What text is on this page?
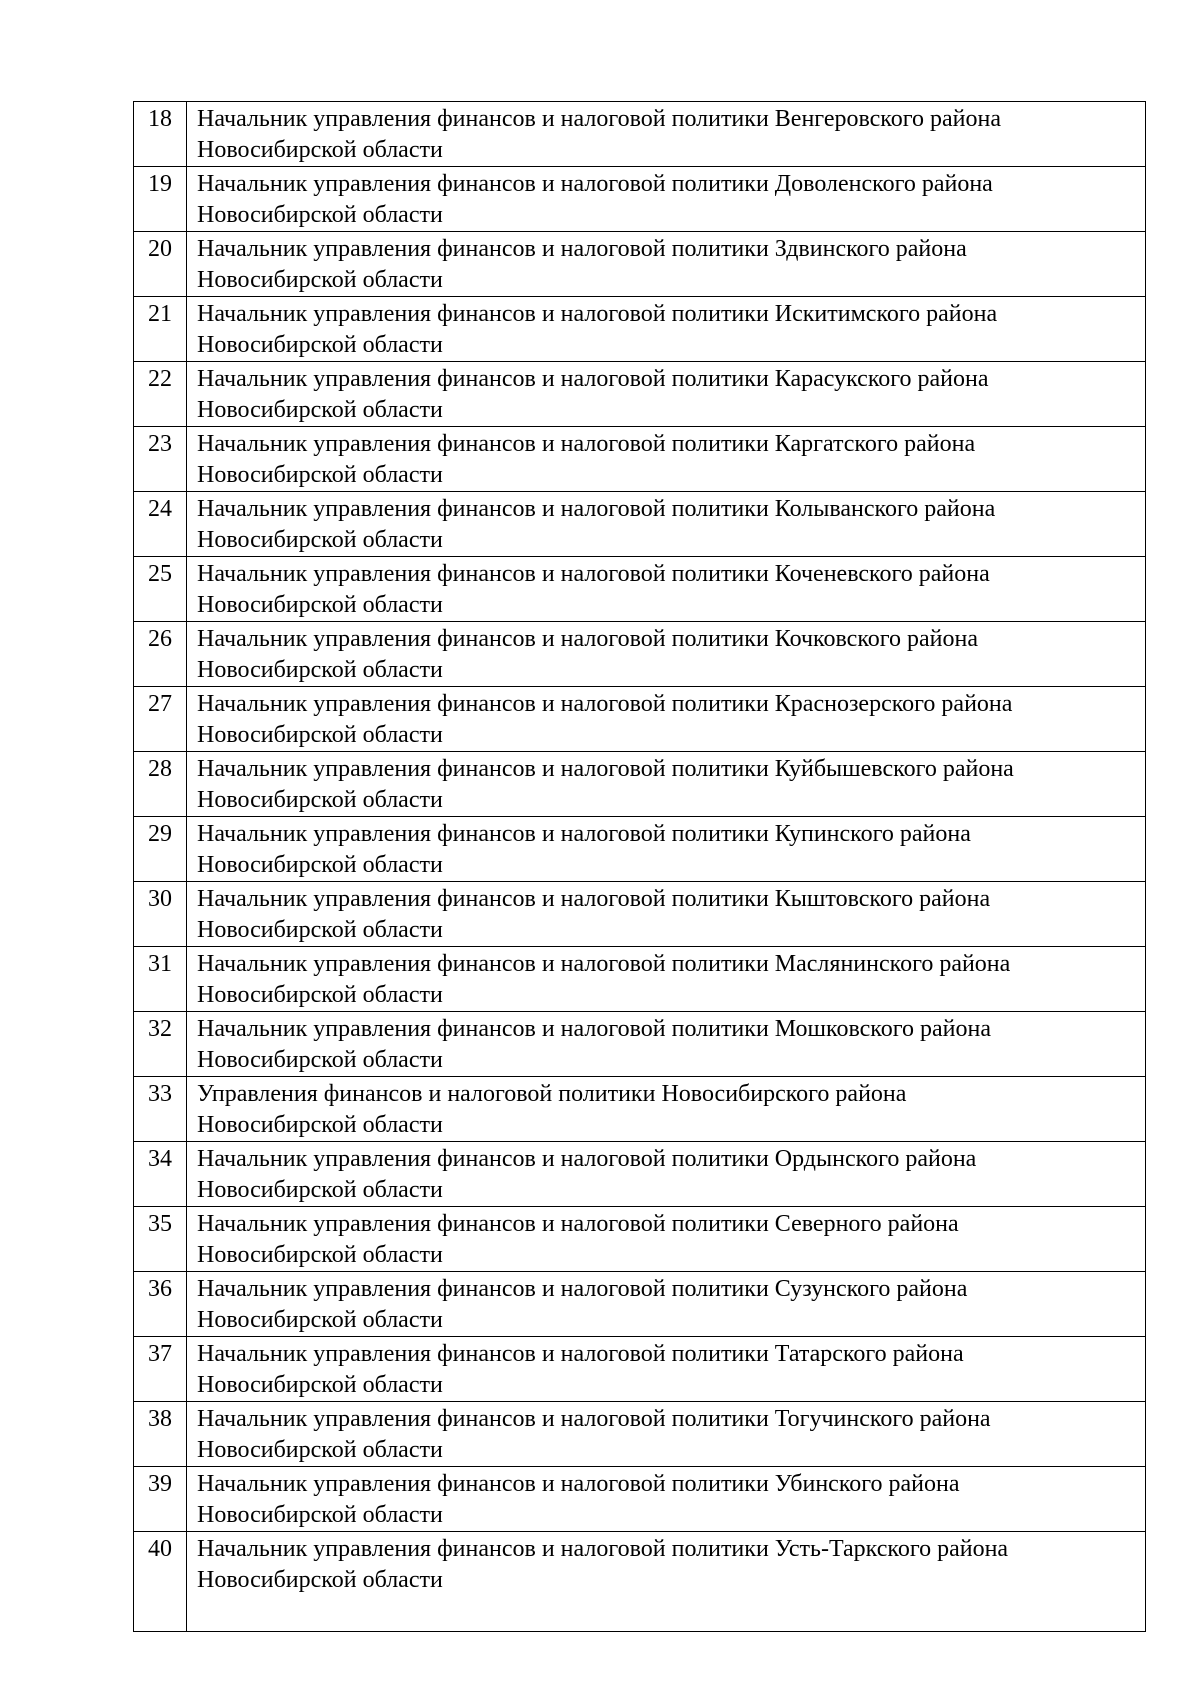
18	Начальник управления финансов и налоговой политики Венгеровского района
Новосибирской области

19	Начальник управления финансов и налоговой политики Доволенского района
Новосибирской области

20	Начальник управления финансов и налоговой политики Здвинского района
Новосибирской области

21	Начальник управления финансов и налоговой политики Искитимского района
Новосибирской области

22	Начальник управления финансов и налоговой политики Карасукского района
Новосибирской области

23	Начальник управления финансов и налоговой политики Каргатского района
Новосибирской области

24	Начальник управления финансов и налоговой политики Колыванского района
Новосибирской области

25	Начальник управления финансов и налоговой политики Коченевского района
Новосибирской области

26	Начальник управления финансов и налоговой политики Кочковского района
Новосибирской области

27	Начальник управления финансов и налоговой политики Краснозерского района
Новосибирской области

28	Начальник управления финансов и налоговой политики Куйбышевского района
Новосибирской области

29	Начальник управления финансов и налоговой политики Купинского района
Новосибирской области

30	Начальник управления финансов и налоговой политики Кыштовского района
Новосибирской области

31	Начальник управления финансов и налоговой политики Маслянинского района
Новосибирской области

32	Начальник управления финансов и налоговой политики Мошковского района
Новосибирской области

33	Управления финансов и налоговой политики Новосибирского района
Новосибирской области

34	Начальник управления финансов и налоговой политики Ордынского района
Новосибирской области

35	Начальник управления финансов и налоговой политики Северного района
Новосибирской области

36	Начальник управления финансов и налоговой политики Сузунского района
Новосибирской области

37	Начальник управления финансов и налоговой политики Татарского района
Новосибирской области

38	Начальник управления финансов и налоговой политики Тогучинского района
Новосибирской области

39	Начальник управления финансов и налоговой политики Убинского района
Новосибирской области

40	Начальник управления финансов и налоговой политики Усть-Таркского района
Новосибирской области
